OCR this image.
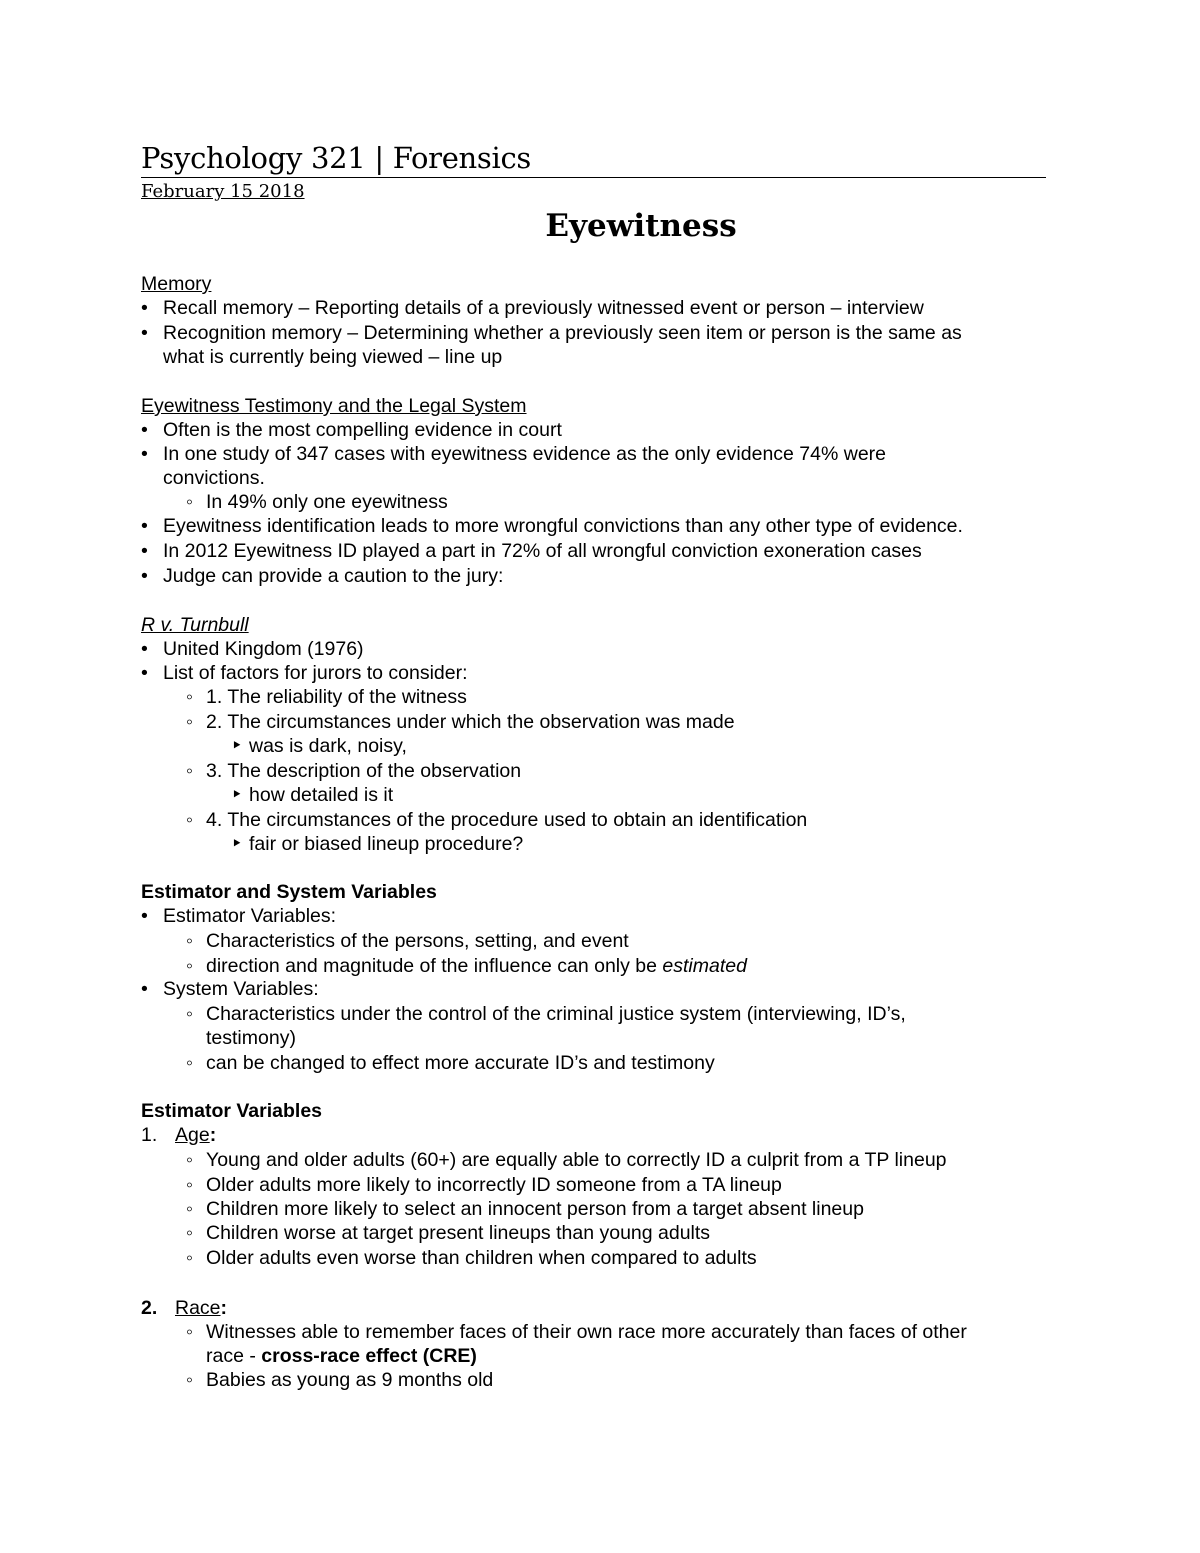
Psychology 321 | Forensics
February 15 2018
Eyewitness
Memory
• Recall memory – Reporting details of a previously witnessed event or person – interview
• Recognition memory – Determining whether a previously seen item or person is the same as
what is currently being viewed – line up
Eyewitness Testimony and the Legal System
• Often is the most compelling evidence in court
• In one study of 347 cases with eyewitness evidence as the only evidence 74% were
convictions.
◦ In 49% only one eyewitness
• Eyewitness identification leads to more wrongful convictions than any other type of evidence.
• In 2012 Eyewitness ID played a part in 72% of all wrongful conviction exoneration cases
• Judge can provide a caution to the jury:
R v. Turnbull
• United Kingdom (1976)
• List of factors for jurors to consider:
◦ 1. The reliability of the witness
◦ 2. The circumstances under which the observation was made
‣ was is dark, noisy,
◦ 3. The description of the observation
‣ how detailed is it
◦ 4. The circumstances of the procedure used to obtain an identification
‣ fair or biased lineup procedure?
Estimator and System Variables
• Estimator Variables:
◦ Characteristics of the persons, setting, and event
◦ direction and magnitude of the influence can only be estimated
• System Variables:
◦ Characteristics under the control of the criminal justice system (interviewing, ID’s,
testimony)
◦ can be changed to effect more accurate ID’s and testimony
Estimator Variables
1. Age:
◦ Young and older adults (60+) are equally able to correctly ID a culprit from a TP lineup
◦ Older adults more likely to incorrectly ID someone from a TA lineup
◦ Children more likely to select an innocent person from a target absent lineup
◦ Children worse at target present lineups than young adults
◦ Older adults even worse than children when compared to adults
2. Race:
◦ Witnesses able to remember faces of their own race more accurately than faces of other
race - cross-race effect (CRE)
◦ Babies as young as 9 months old
